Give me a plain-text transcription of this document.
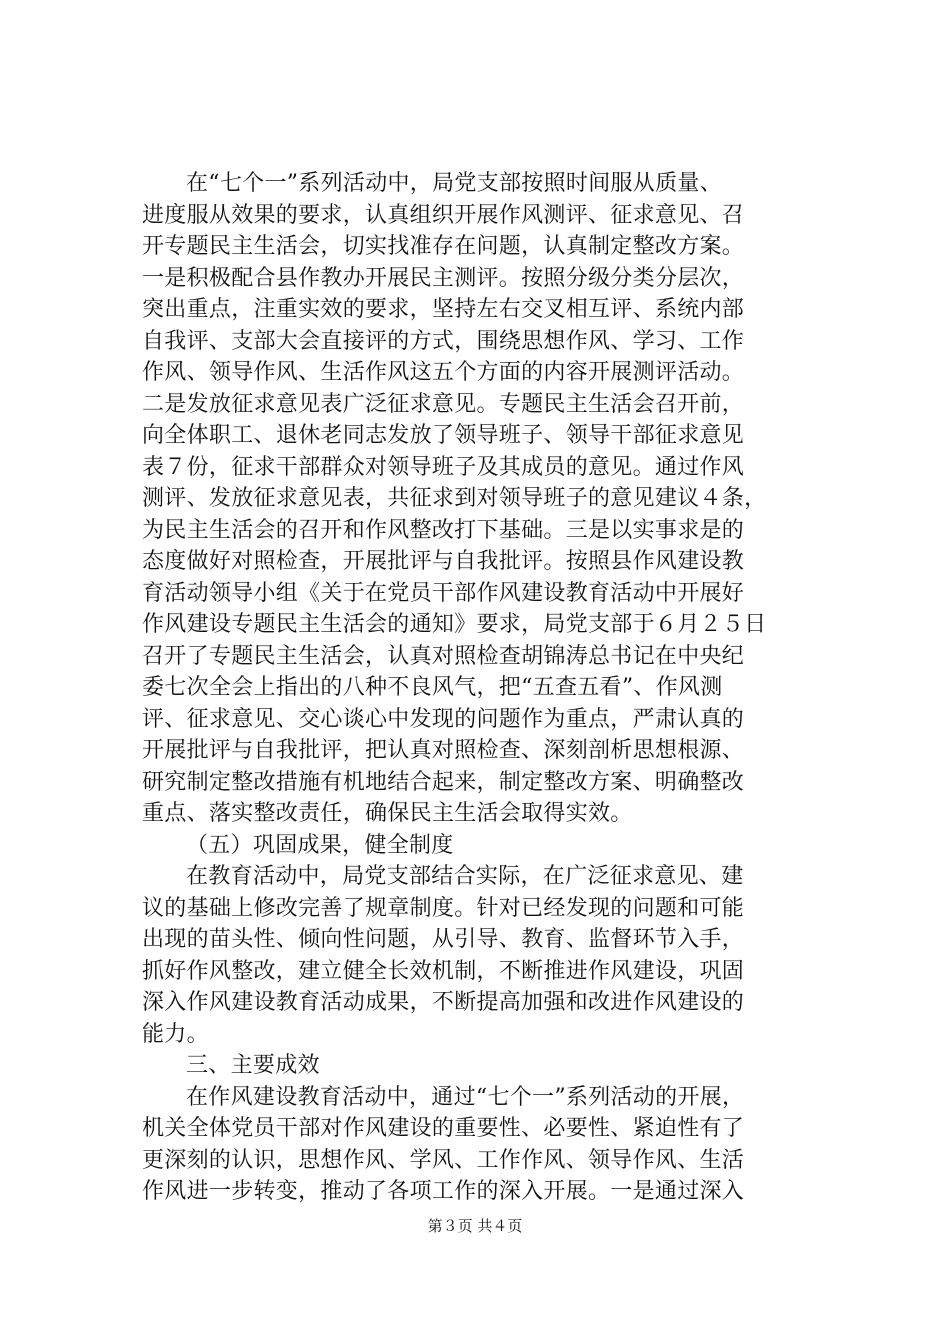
在“七个一”系列活动中，局党支部按照时间服从质量、
进度服从效果的要求，认真组织开展作风测评、征求意见、召
开专题民主生活会，切实找准存在问题，认真制定整改方案。
一是积极配合县作教办开展民主测评。按照分级分类分层次，
突出重点，注重实效的要求，坚持左右交叉相互评、系统内部
自我评、支部大会直接评的方式，围绕思想作风、学习、工作
作风、领导作风、生活作风这五个方面的内容开展测评活动。
二是发放征求意见表广泛征求意见。专题民主生活会召开前，
向全体职工、退休老同志发放了领导班子、领导干部征求意见
表７份，征求干部群众对领导班子及其成员的意见。通过作风
测评、发放征求意见表，共征求到对领导班子的意见建议４条，
为民主生活会的召开和作风整改打下基础。三是以实事求是的
态度做好对照检查，开展批评与自我批评。按照县作风建设教
育活动领导小组《关于在党员干部作风建设教育活动中开展好
作风建设专题民主生活会的通知》要求，局党支部于６月２５日
召开了专题民主生活会，认真对照检查胡锦涛总书记在中央纪
委七次全会上指出的八种不良风气，把“五查五看”、作风测
评、征求意见、交心谈心中发现的问题作为重点，严肃认真的
开展批评与自我批评，把认真对照检查、深刻剖析思想根源、
研究制定整改措施有机地结合起来，制定整改方案、明确整改
重点、落实整改责任，确保民主生活会取得实效。
（五）巩固成果，健全制度
在教育活动中，局党支部结合实际，在广泛征求意见、建
议的基础上修改完善了规章制度。针对已经发现的问题和可能
出现的苗头性、倾向性问题，从引导、教育、监督环节入手，
抓好作风整改，建立健全长效机制，不断推进作风建设，巩固
深入作风建设教育活动成果，不断提高加强和改进作风建设的
能力。
三、主要成效
在作风建设教育活动中，通过“七个一”系列活动的开展，
机关全体党员干部对作风建设的重要性、必要性、紧迫性有了
更深刻的认识，思想作风、学风、工作作风、领导作风、生活
作风进一步转变，推动了各项工作的深入开展。一是通过深入
第３页 共４页
